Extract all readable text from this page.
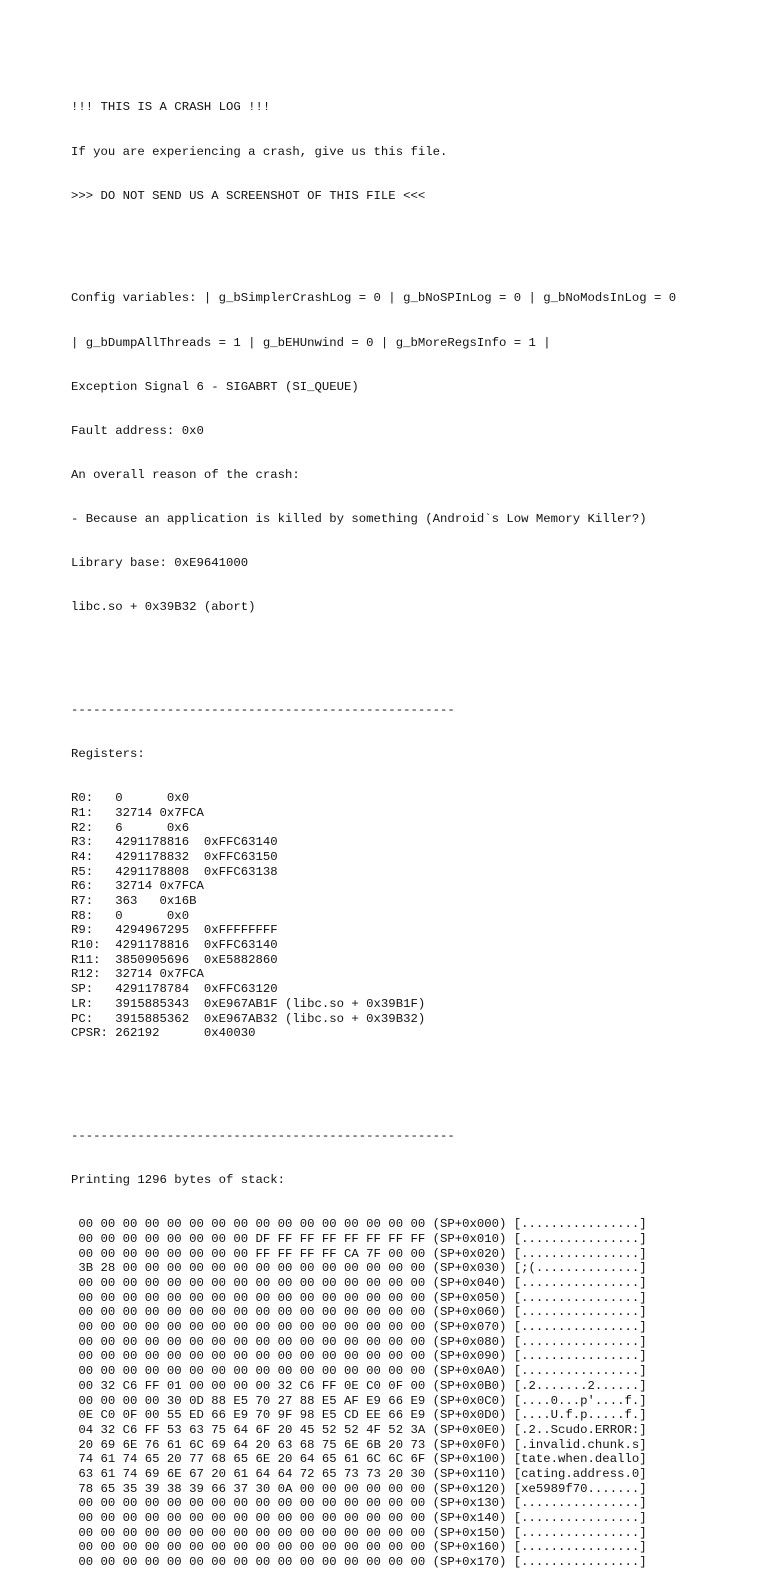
!!! THIS IS A CRASH LOG !!!

If you are experiencing a crash, give us this file.

>>> DO NOT SEND US A SCREENSHOT OF THIS FILE <<<

Config variables: | g_bSimplerCrashLog = 0 | g_bNoSPInLog = 0 | g_bNoModsInLog = 0

| g_bDumpAllThreads = 1 | g_bEHUnwind = 0 | g_bMoreRegsInfo = 1 |

Exception Signal 6 - SIGABRT (SI_QUEUE)

Fault address: 0x0

An overall reason of the crash:

- Because an application is killed by something (Android`s Low Memory Killer?)

Library base: 0xE9641000

libc.so + 0x39B32 (abort)

----------------------------------------------------

Registers:

R0:   0      0x0
R1:   32714 0x7FCA
R2:   6      0x6
R3:   4291178816  0xFFC63140
R4:   4291178832  0xFFC63150
R5:   4291178808  0xFFC63138
R6:   32714 0x7FCA
R7:   363   0x16B
R8:   0      0x0
R9:   4294967295  0xFFFFFFFF
R10:  4291178816  0xFFC63140
R11:  3850905696  0xE5882860
R12:  32714 0x7FCA
SP:   4291178784  0xFFC63120
LR:   3915885343  0xE967AB1F (libc.so + 0x39B1F)
PC:   3915885362  0xE967AB32 (libc.so + 0x39B32)
CPSR: 262192      0x40030

----------------------------------------------------

Printing 1296 bytes of stack:

00 00 00 00 00 00 00 00 00 00 00 00 00 00 00 00 (SP+0x000) [................]
00 00 00 00 00 00 00 00 DF FF FF FF FF FF FF FF (SP+0x010) [................]
00 00 00 00 00 00 00 00 FF FF FF FF CA 7F 00 00 (SP+0x020) [................]
3B 28 00 00 00 00 00 00 00 00 00 00 00 00 00 00 (SP+0x030) [;(..............]
00 00 00 00 00 00 00 00 00 00 00 00 00 00 00 00 (SP+0x040) [................]
00 00 00 00 00 00 00 00 00 00 00 00 00 00 00 00 (SP+0x050) [................]
00 00 00 00 00 00 00 00 00 00 00 00 00 00 00 00 (SP+0x060) [................]
00 00 00 00 00 00 00 00 00 00 00 00 00 00 00 00 (SP+0x070) [................]
00 00 00 00 00 00 00 00 00 00 00 00 00 00 00 00 (SP+0x080) [................]
00 00 00 00 00 00 00 00 00 00 00 00 00 00 00 00 (SP+0x090) [................]
00 00 00 00 00 00 00 00 00 00 00 00 00 00 00 00 (SP+0x0A0) [................]
00 32 C6 FF 01 00 00 00 00 32 C6 FF 0E C0 0F 00 (SP+0x0B0) [.2.......2......]
00 00 00 00 30 0D 88 E5 70 27 88 E5 AF E9 66 E9 (SP+0x0C0) [....0...p'....f.]
0E C0 0F 00 55 ED 66 E9 70 9F 98 E5 CD EE 66 E9 (SP+0x0D0) [....U.f.p.....f.]
04 32 C6 FF 53 63 75 64 6F 20 45 52 52 4F 52 3A (SP+0x0E0) [.2..Scudo.ERROR:]
20 69 6E 76 61 6C 69 64 20 63 68 75 6E 6B 20 73 (SP+0x0F0) [.invalid.chunk.s]
74 61 74 65 20 77 68 65 6E 20 64 65 61 6C 6C 6F (SP+0x100) [tate.when.deallo]
63 61 74 69 6E 67 20 61 64 64 72 65 73 73 20 30 (SP+0x110) [cating.address.0]
78 65 35 39 38 39 66 37 30 0A 00 00 00 00 00 00 (SP+0x120) [xe5989f70.......]
00 00 00 00 00 00 00 00 00 00 00 00 00 00 00 00 (SP+0x130) [................]
00 00 00 00 00 00 00 00 00 00 00 00 00 00 00 00 (SP+0x140) [................]
00 00 00 00 00 00 00 00 00 00 00 00 00 00 00 00 (SP+0x150) [................]
00 00 00 00 00 00 00 00 00 00 00 00 00 00 00 00 (SP+0x160) [................]
00 00 00 00 00 00 00 00 00 00 00 00 00 00 00 00 (SP+0x170) [................]
